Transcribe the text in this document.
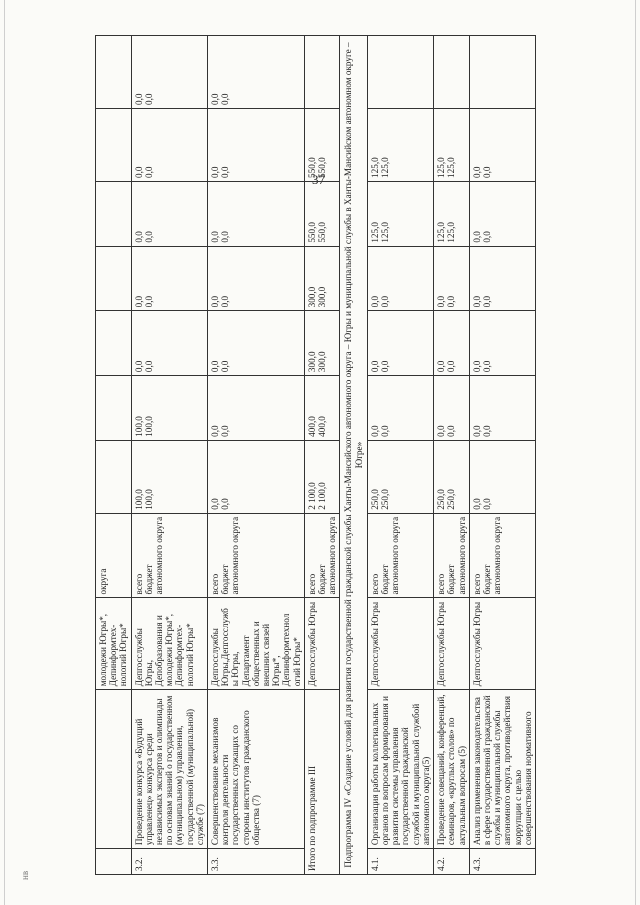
37
нв
		молодежи Югры*, Депинформтех-нологий Югры*	округа							

3.2.	Проведение конкурса «Будущий управленец» конкурса среди независимых экспертов и олимпиады по основам знаний о государственном (муниципальном) управлении, государственной (муниципальной) службе (7)	Депгосслужбы Югры, Депобразования и молодежи Югры*, Депинформтех-нологий Югры*	всего бюджет автономного округа	100,0 100,0	100,0 100,0	0,0 0,0	0,0 0,0	0,0 0,0	0,0 0,0	0,0 0,0

3.3.	Совершенствование механизмов контроля деятельности государственных служащих со стороны институтов гражданского общества (7)	Депгосслужбы Югры,Депгосслужб ы Югры, Департамент общественных и внешних связей Югры*, Депинформтехнол огий Югры*	всего бюджет автономного округа	0,0 0,0	0,0 0,0	0,0 0,0	0,0 0,0	0,0 0,0	0,0 0,0	0,0 0,0

Итого по подпрограмме III		Депгосслужбы Югры	всего бюджет автономного округа	2 100,0 2 100,0	400,0 400,0	300,0 300,0	300,0 300,0	550,0 550,0	550,0 550,0	

Подпрограмма IV «Создание условий для развития государственной гражданской службы Ханты-Мансийского автономного округа – Югры и муниципальной службы в Ханты-Мансийском автономном округе – Югре»										
4.1.	Организация работы коллегиальных органов по вопросам формирования и развития системы управления государственной гражданской службой и муниципальной службой автономного округа(5)	Депгосслужбы Югры	всего бюджет автономного округа	250,0 250,0	0,0 0,0	0,0 0,0	0,0 0,0	125,0 125,0	125,0 125,0	

4.2.	Проведение совещаний, конференций, семинаров, «круглых столов» по актуальным вопросам (5)	Депгосслужбы Югры	всего бюджет автономного округа	250,0 250,0	0,0 0,0	0,0 0,0	0,0 0,0	125,0 125,0	125,0 125,0	

4.3.	Анализ применения законодательства в сфере государственной гражданской службы и муниципальной службы автономного округа, противодействия коррупции с целью совершенствования нормативного	Депгосслужбы Югры	всего бюджет автономного округа	0,0 0,0	0,0 0,0	0,0 0,0	0,0 0,0	0,0 0,0	0,0 0,0	
